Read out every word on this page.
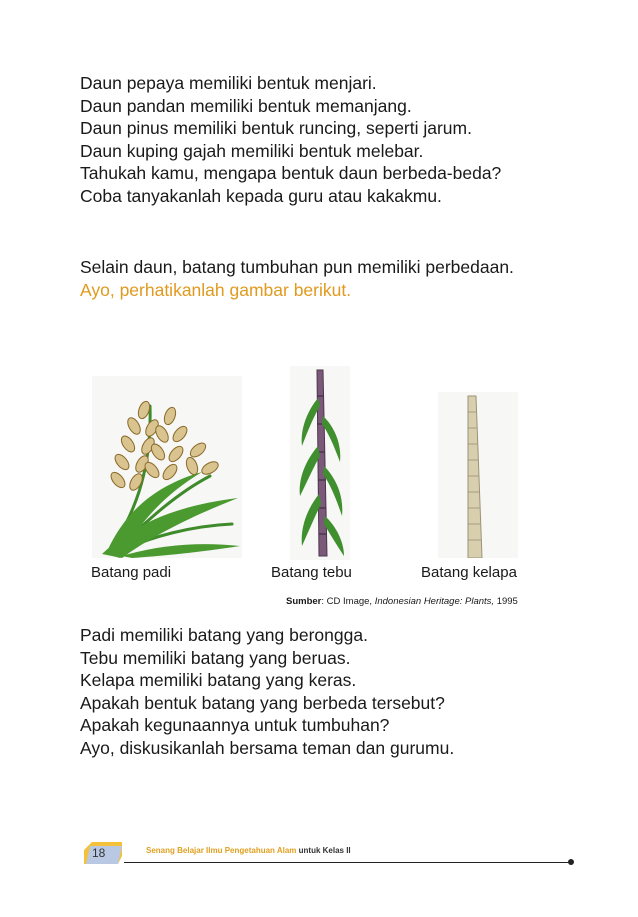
Daun pepaya memiliki bentuk menjari.
Daun pandan memiliki bentuk memanjang.
Daun pinus memiliki bentuk runcing, seperti jarum.
Daun kuping gajah memiliki bentuk melebar.
Tahukah kamu, mengapa bentuk daun berbeda-beda?
Coba tanyakanlah kepada guru atau kakakmu.
Selain daun, batang tumbuhan pun memiliki perbedaan.
Ayo, perhatikanlah gambar berikut.
Batang padi	Batang tebu	Batang kelapa
Sumber: CD Image, Indonesian Heritage: Plants, 1995
Padi memiliki batang yang berongga.
Tebu memiliki batang yang beruas.
Kelapa memiliki batang yang keras.
Apakah bentuk batang yang berbeda tersebut?
Apakah kegunaannya untuk tumbuhan?
Ayo, diskusikanlah bersama teman dan gurumu.
18	Senang Belajar Ilmu Pengetahuan Alam untuk Kelas II
